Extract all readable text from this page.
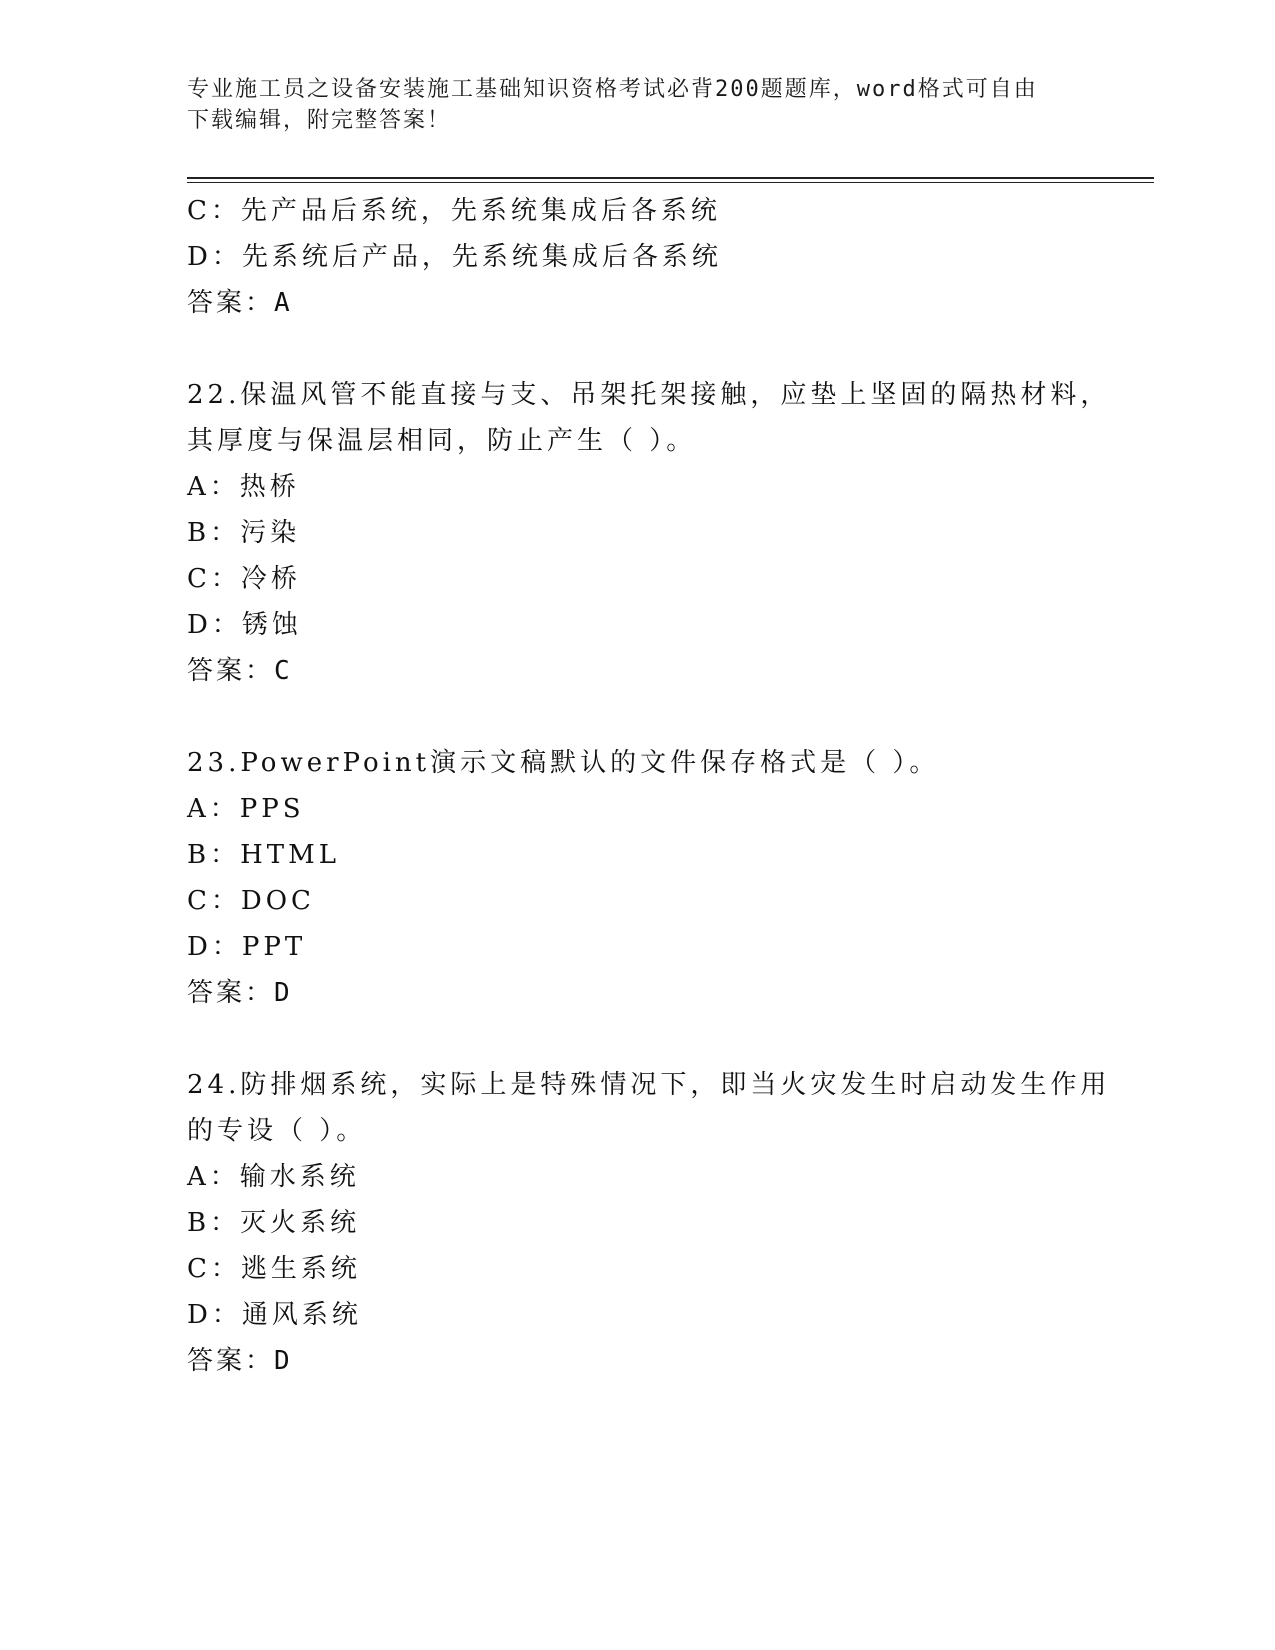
专业施工员之设备安装施工基础知识资格考试必背200题题库，word格式可自由
下载编辑，附完整答案！
C：先产品后系统，先系统集成后各系统
D：先系统后产品，先系统集成后各系统
答案：A
22.保温风管不能直接与支、吊架托架接触，应垫上坚固的隔热材料，
其厚度与保温层相同，防止产生（ ）。
A：热桥
B：污染
C：冷桥
D：锈蚀
答案：C
23.PowerPoint演示文稿默认的文件保存格式是（ ）。
A：PPS
B：HTML
C：DOC
D：PPT
答案：D
24.防排烟系统，实际上是特殊情况下，即当火灾发生时启动发生作用
的专设（ ）。
A：输水系统
B：灭火系统
C：逃生系统
D：通风系统
答案：D
